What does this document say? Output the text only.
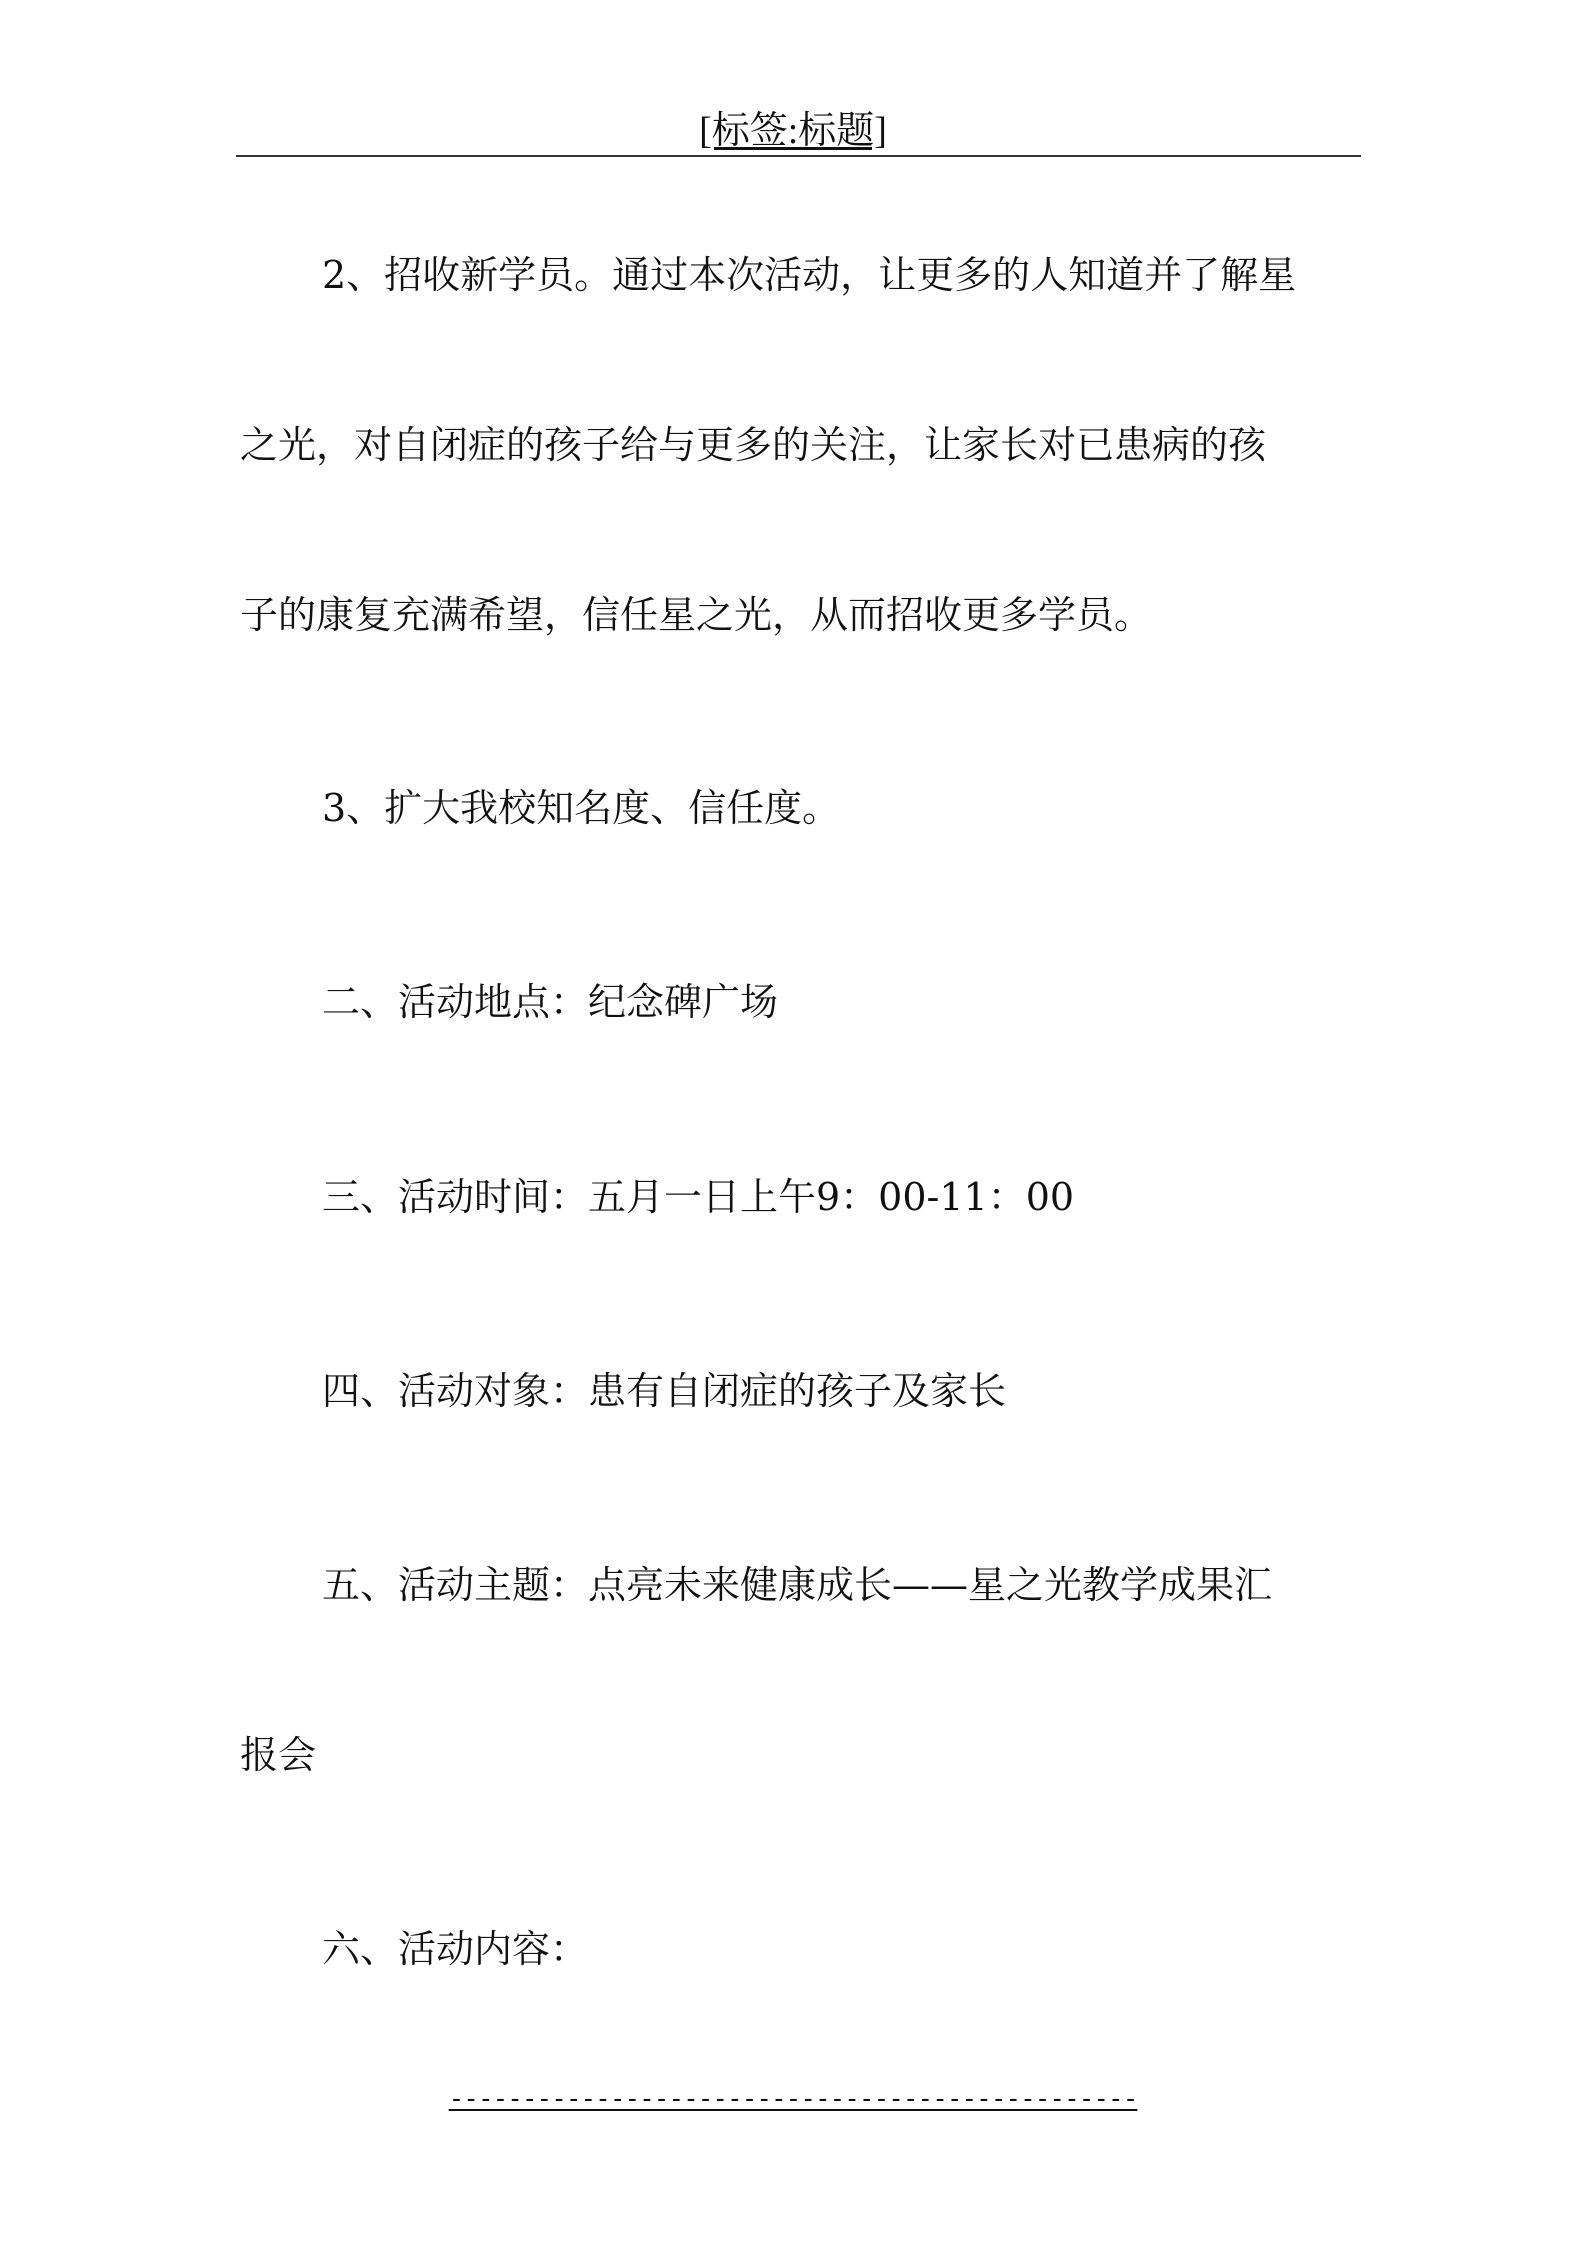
[标签:标题]
2、招收新学员。通过本次活动，让更多的人知道并了解星
之光，对自闭症的孩子给与更多的关注，让家长对已患病的孩
子的康复充满希望，信任星之光，从而招收更多学员。
3、扩大我校知名度、信任度。
二、活动地点：纪念碑广场
三、活动时间：五月一日上午9：00-11：00
四、活动对象：患有自闭症的孩子及家长
五、活动主题：点亮未来健康成长——星之光教学成果汇
报会
六、活动内容：
-----------------------------------------------
